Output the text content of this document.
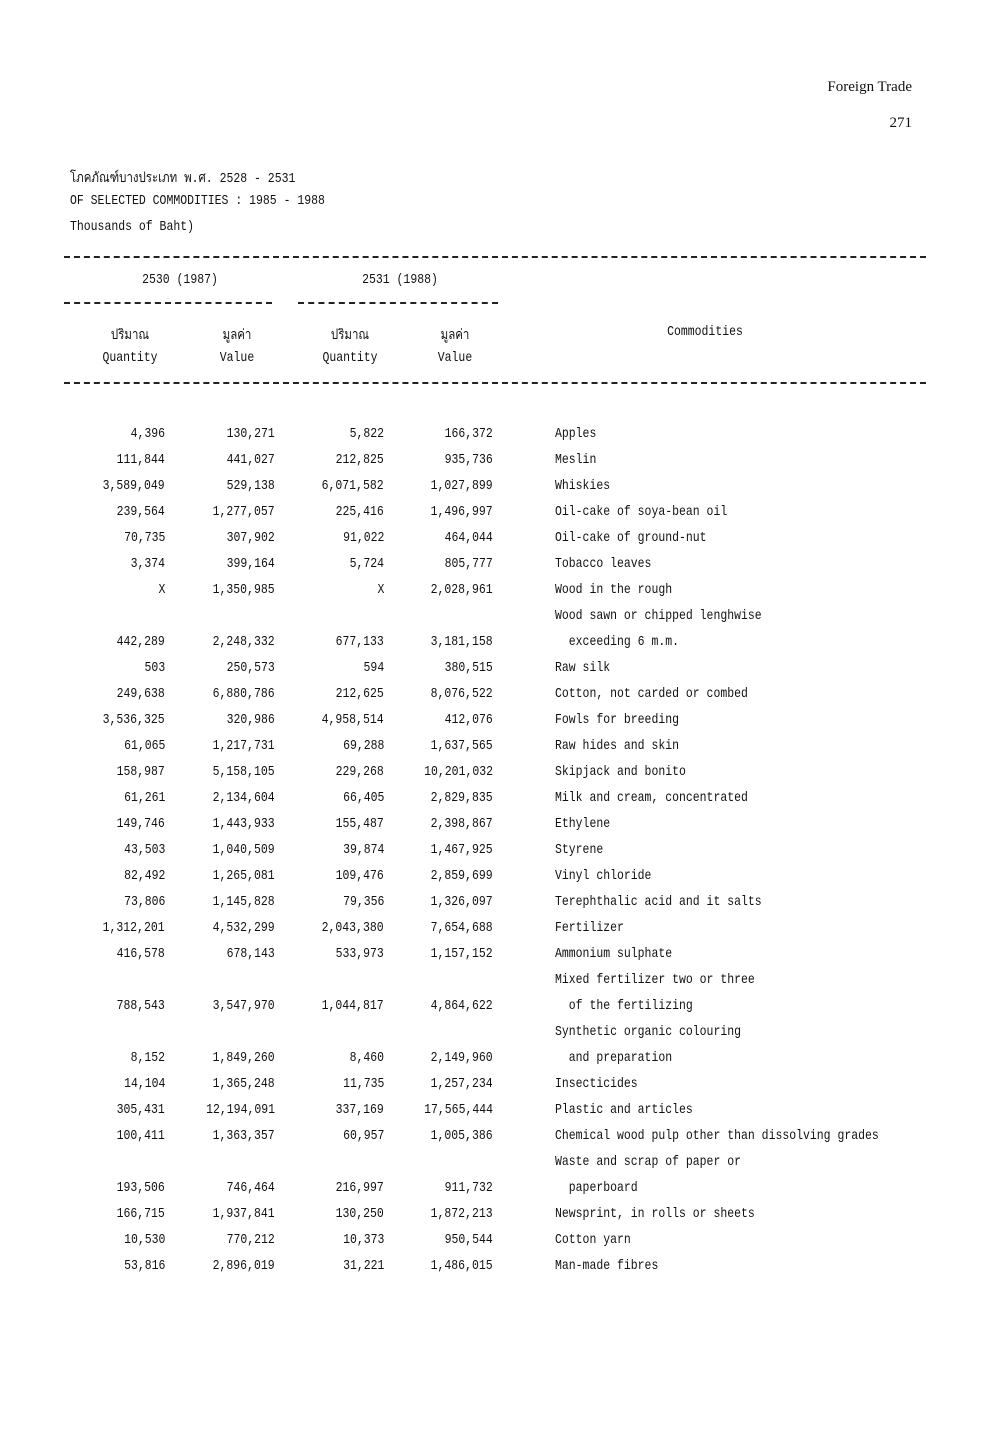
Foreign Trade
271
โภคภัณฑ์บางประเภท พ.ศ. 2528 - 2531
OF SELECTED COMMODITIES : 1985 - 1988
Thousands of Baht)
2530 (1987)	2531 (1988)
ปริมาณ	มูลค่า	ปริมาณ	มูลค่า	Commodities
Quantity	Value	Quantity	Value
4,396	130,271	5,822	166,372	Apples
111,844	441,027	212,825	935,736	Meslin
3,589,049	529,138	6,071,582	1,027,899	Whiskies
239,564	1,277,057	225,416	1,496,997	Oil-cake of soya-bean oil
70,735	307,902	91,022	464,044	Oil-cake of ground-nut
3,374	399,164	5,724	805,777	Tobacco leaves
X	1,350,985	X	2,028,961	Wood in the rough
Wood sawn or chipped lenghwise
442,289	2,248,332	677,133	3,181,158	exceeding 6 m.m.
503	250,573	594	380,515	Raw silk
249,638	6,880,786	212,625	8,076,522	Cotton, not carded or combed
3,536,325	320,986	4,958,514	412,076	Fowls for breeding
61,065	1,217,731	69,288	1,637,565	Raw hides and skin
158,987	5,158,105	229,268	10,201,032	Skipjack and bonito
61,261	2,134,604	66,405	2,829,835	Milk and cream, concentrated
149,746	1,443,933	155,487	2,398,867	Ethylene
43,503	1,040,509	39,874	1,467,925	Styrene
82,492	1,265,081	109,476	2,859,699	Vinyl chloride
73,806	1,145,828	79,356	1,326,097	Terephthalic acid and it salts
1,312,201	4,532,299	2,043,380	7,654,688	Fertilizer
416,578	678,143	533,973	1,157,152	Ammonium sulphate
Mixed fertilizer two or three
788,543	3,547,970	1,044,817	4,864,622	of the fertilizing
Synthetic organic colouring
8,152	1,849,260	8,460	2,149,960	and preparation
14,104	1,365,248	11,735	1,257,234	Insecticides
305,431	12,194,091	337,169	17,565,444	Plastic and articles
100,411	1,363,357	60,957	1,005,386	Chemical wood pulp other than dissolving grades
Waste and scrap of paper or
193,506	746,464	216,997	911,732	paperboard
166,715	1,937,841	130,250	1,872,213	Newsprint, in rolls or sheets
10,530	770,212	10,373	950,544	Cotton yarn
53,816	2,896,019	31,221	1,486,015	Man-made fibres
